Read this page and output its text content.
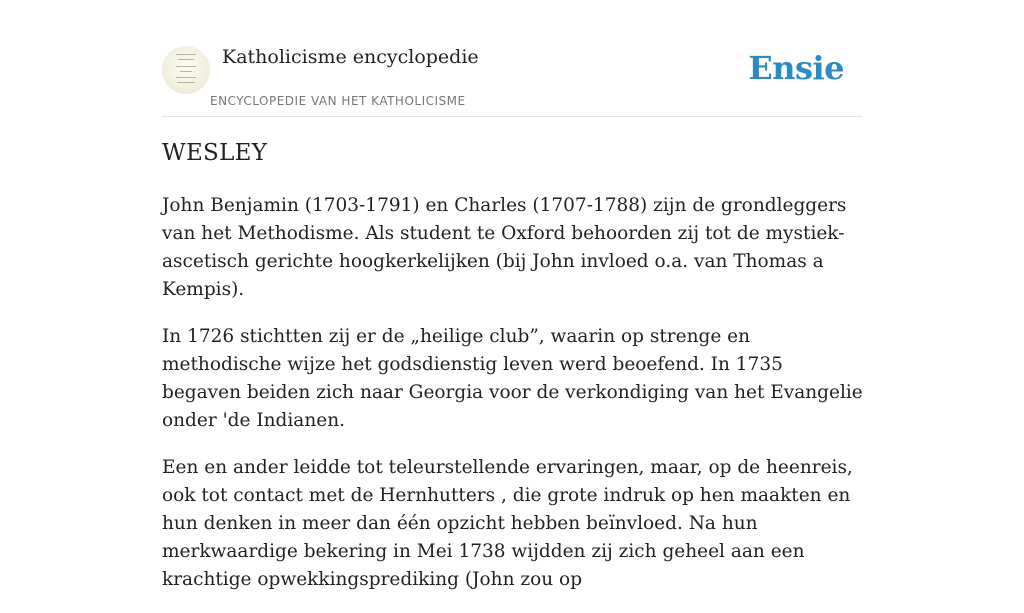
Katholicisme encyclopedie
ENCYCLOPEDIE VAN HET KATHOLICISME
Ensie
WESLEY

John Benjamin (1703-1791) en Charles (1707-1788) zijn de grondleggers van het Methodisme. Als student te Oxford behoorden zij tot de mystiek-ascetisch gerichte hoogkerkelijken (bij John invloed o.a. van Thomas a Kempis).

In 1726 stichtten zij er de „heilige club”, waarin op strenge en methodische wijze het godsdienstig leven werd beoefend. In 1735 begaven beiden zich naar Georgia voor de verkondiging van het Evangelie onder 'de Indianen.

Een en ander leidde tot teleurstellende ervaringen, maar, op de heenreis, ook tot contact met de Hernhutters , die grote indruk op hen maakten en hun denken in meer dan één opzicht hebben beïnvloed. Na hun merkwaardige bekering in Mei 1738 wijdden zij zich geheel aan een krachtige opwekkingsprediking (John zou op
